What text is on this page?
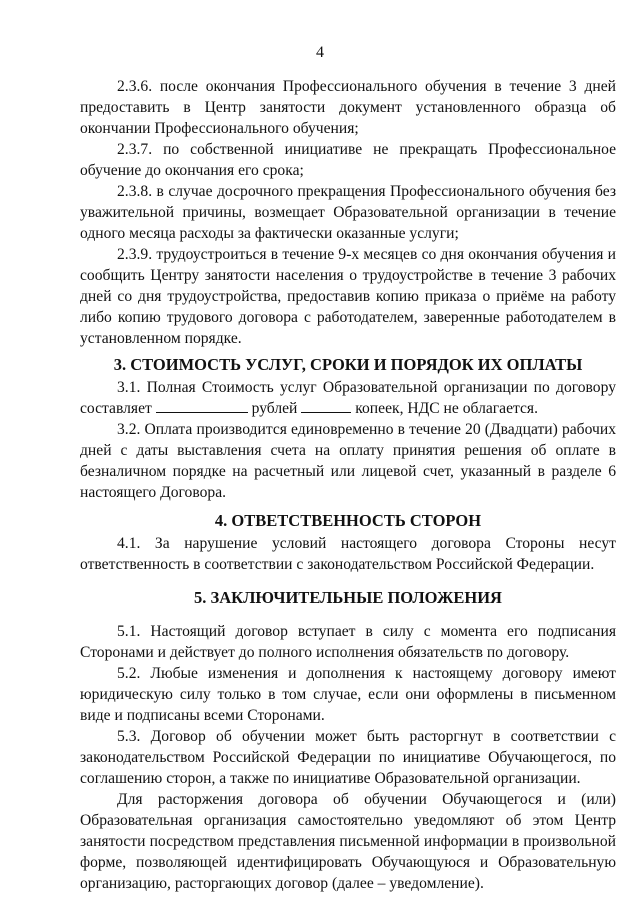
4

2.3.6. после окончания Профессионального обучения в течение 3 дней предоставить в Центр занятости документ установленного образца об окончании Профессионального обучения;

2.3.7. по собственной инициативе не прекращать Профессиональное обучение до окончания его срока;

2.3.8. в случае досрочного прекращения Профессионального обучения без уважительной причины, возмещает Образовательной организации в течение одного месяца расходы за фактически оказанные услуги;

2.3.9. трудоустроиться в течение 9-х месяцев со дня окончания обучения и сообщить Центру занятости населения о трудоустройстве в течение 3 рабочих дней со дня трудоустройства, предоставив копию приказа о приёме на работу либо копию трудового договора с работодателем, заверенные работодателем в установленном порядке.

3. СТОИМОСТЬ УСЛУГ, СРОКИ И ПОРЯДОК ИХ ОПЛАТЫ

3.1. Полная Стоимость услуг Образовательной организации по договору составляет	рублей	копеек, НДС не облагается.

3.2. Оплата производится единовременно в течение 20 (Двадцати) рабочих дней с даты выставления счета на оплату принятия решения об оплате в безналичном порядке на расчетный или лицевой счет, указанный в разделе 6 настоящего Договора.

4. ОТВЕТСТВЕННОСТЬ СТОРОН

4.1. За нарушение условий настоящего договора Стороны несут ответственность в соответствии с законодательством Российской Федерации.

5. ЗАКЛЮЧИТЕЛЬНЫЕ ПОЛОЖЕНИЯ

5.1. Настоящий договор вступает в силу с момента его подписания Сторонами и действует до полного исполнения обязательств по договору.

5.2. Любые изменения и дополнения к настоящему договору имеют юридическую силу только в том случае, если они оформлены в письменном виде и подписаны всеми Сторонами.

5.3. Договор об обучении может быть расторгнут в соответствии с законодательством Российской Федерации по инициативе Обучающегося, по соглашению сторон, а также по инициативе Образовательной организации.

Для расторжения договора об обучении Обучающегося и (или) Образовательная организация самостоятельно уведомляют об этом Центр занятости посредством представления письменной информации в произвольной форме, позволяющей идентифицировать Обучающуюся и Образовательную организацию, расторгающих договор (далее – уведомление).
